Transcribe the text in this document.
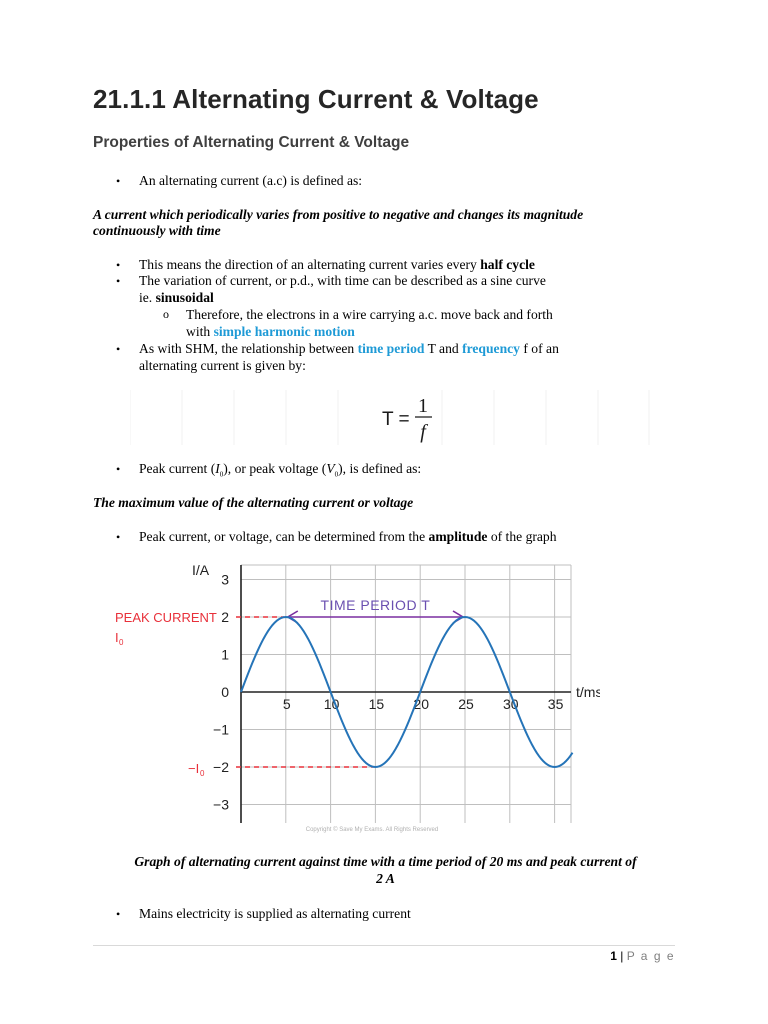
21.1.1 Alternating Current & Voltage
Properties of Alternating Current & Voltage
• An alternating current (a.c) is defined as:
A current which periodically varies from positive to negative and changes its magnitude
continuously with time
• This means the direction of an alternating current varies every half cycle
• The variation of current, or p.d., with time can be described as a sine curve
ie. sinusoidal
o Therefore, the electrons in a wire carrying a.c. move back and forth
with simple harmonic motion
• As with SHM, the relationship between time period T and frequency f of an
alternating current is given by:
T =
1
f
• Peak current $(I_0)$, or peak voltage $(V_0)$, is defined as:
The maximum value of the alternating current or voltage
• Peak current, or voltage, can be determined from the amplitude of the graph
3
2
1
0
−1
−2
−3
5 10 15 20 25 30 35
I/A
t/ms
PEAK CURRENT
I 0
−I 0
Copyright © Save My Exams. All Rights Reserved
TIME PERIOD T
Graph of alternating current against time with a time period of 20 ms and peak current of
2 A
• Mains electricity is supplied as alternating current
1 | P a g e
